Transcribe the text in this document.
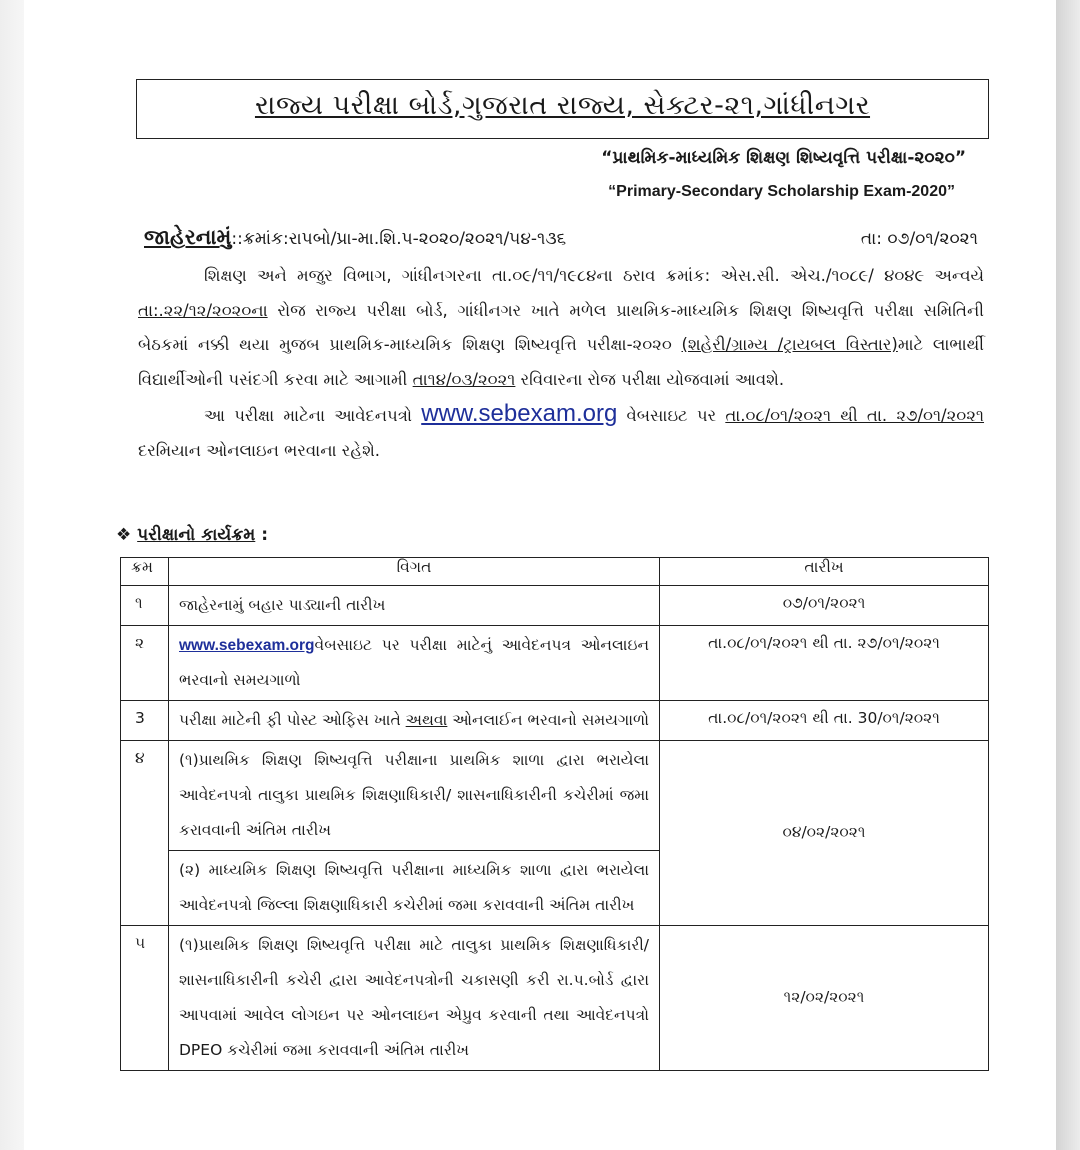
રાજ્ય પરીક્ષા બોર્ડ,ગુજરાત રાજ્ય, સેક્ટર-૨૧,ગાંધીનગર
“પ્રાથમિક-માધ્યમિક શિક્ષણ શિષ્યવૃત્તિ પરીક્ષા-૨૦૨૦”
“Primary-Secondary Scholarship Exam-2020”
જાહેરનામું::ક્રમાંક:રાપબો/પ્રા-મા.શિ.પ-૨૦૨૦/૨૦૨૧/૫૪-૧૩૬	તા: ૦૭/૦૧/૨૦૨૧

શિક્ષણ અને મજુર વિભાગ, ગાંધીનગરના તા.૦૯/૧૧/૧૯૮૪ના ઠરાવ ક્રમાંક: એસ.સી. એચ./૧૦૮૯/ ૪૦૪૯ અન્વયે તા:.૨૨/૧૨/૨૦૨૦ના રોજ રાજ્ય પરીક્ષા બોર્ડ, ગાંધીનગર ખાતે મળેલ પ્રાથમિક-માધ્યમિક શિક્ષણ શિષ્યવૃત્તિ પરીક્ષા સમિતિની બેઠકમાં નક્કી થયા મુજબ પ્રાથમિક-માધ્યમિક શિક્ષણ શિષ્યવૃત્તિ પરીક્ષા-૨૦૨૦ (શહેરી/ગ્રામ્ય /ટ્રાયબલ વિસ્તાર)માટે લાભાર્થી વિદ્યાર્થીઓની પસંદગી કરવા માટે આગામી તા૧૪/૦૩/૨૦૨૧ રવિવારના રોજ પરીક્ષા યોજવામાં આવશે.

આ પરીક્ષા માટેના આવેદનપત્રો www.sebexam.org વેબસાઇટ પર તા.૦૮/૦૧/૨૦૨૧ થી તા. ૨૭/૦૧/૨૦૨૧ દરમિયાન ઓનલાઇન ભરવાના રહેશે.

❖ પરીક્ષાનો કાર્યક્રમ :
ક્રમ	વિગત	તારીખ
૧	જાહેરનામું બહાર પાડ્યાની તારીખ	૦૭/૦૧/૨૦૨૧
૨	www.sebexam.orgવેબસાઇટ પર પરીક્ષા માટેનું આવેદનપત્ર ઓનલાઇન ભરવાનો સમયગાળો	તા.૦૮/૦૧/૨૦૨૧ થી તા. ૨૭/૦૧/૨૦૨૧
3	પરીક્ષા માટેની ફી પોસ્ટ ઓફિસ ખાતે અથવા ઓનલાઈન ભરવાનો સમયગાળો	તા.૦૮/૦૧/૨૦૨૧ થી તા. 30/૦૧/૨૦૨૧
૪	(૧)પ્રાથમિક શિક્ષણ શિષ્યવૃત્તિ પરીક્ષાના પ્રાથમિક શાળા દ્વારા ભરાયેલા આવેદનપત્રો તાલુકા પ્રાથમિક શિક્ષણાધિકારી/ શાસનાધિકારીની કચેરીમાં જમા કરાવવાની અંતિમ તારીખ	૦૪/૦૨/૨૦૨૧
	(૨) માધ્યમિક શિક્ષણ શિષ્યવૃત્તિ પરીક્ષાના માધ્યમિક શાળા દ્વારા ભરાયેલા આવેદનપત્રો જિલ્લા શિક્ષણાધિકારી કચેરીમાં જમા કરાવવાની અંતિમ તારીખ	
૫	(૧)પ્રાથમિક શિક્ષણ શિષ્યવૃત્તિ પરીક્ષા માટે તાલુકા પ્રાથમિક શિક્ષણાધિકારી/શાસનાધિકારીની કચેરી દ્વારા આવેદનપત્રોની ચકાસણી કરી રા.પ.બોર્ડ દ્વારા આપવામાં આવેલ લોગઇન પર ઓનલાઇન એપ્રુવ કરવાની તથા આવેદનપત્રો DPEO કચેરીમાં જમા કરાવવાની અંતિમ તારીખ	૧૨/૦૨/૨૦૨૧
